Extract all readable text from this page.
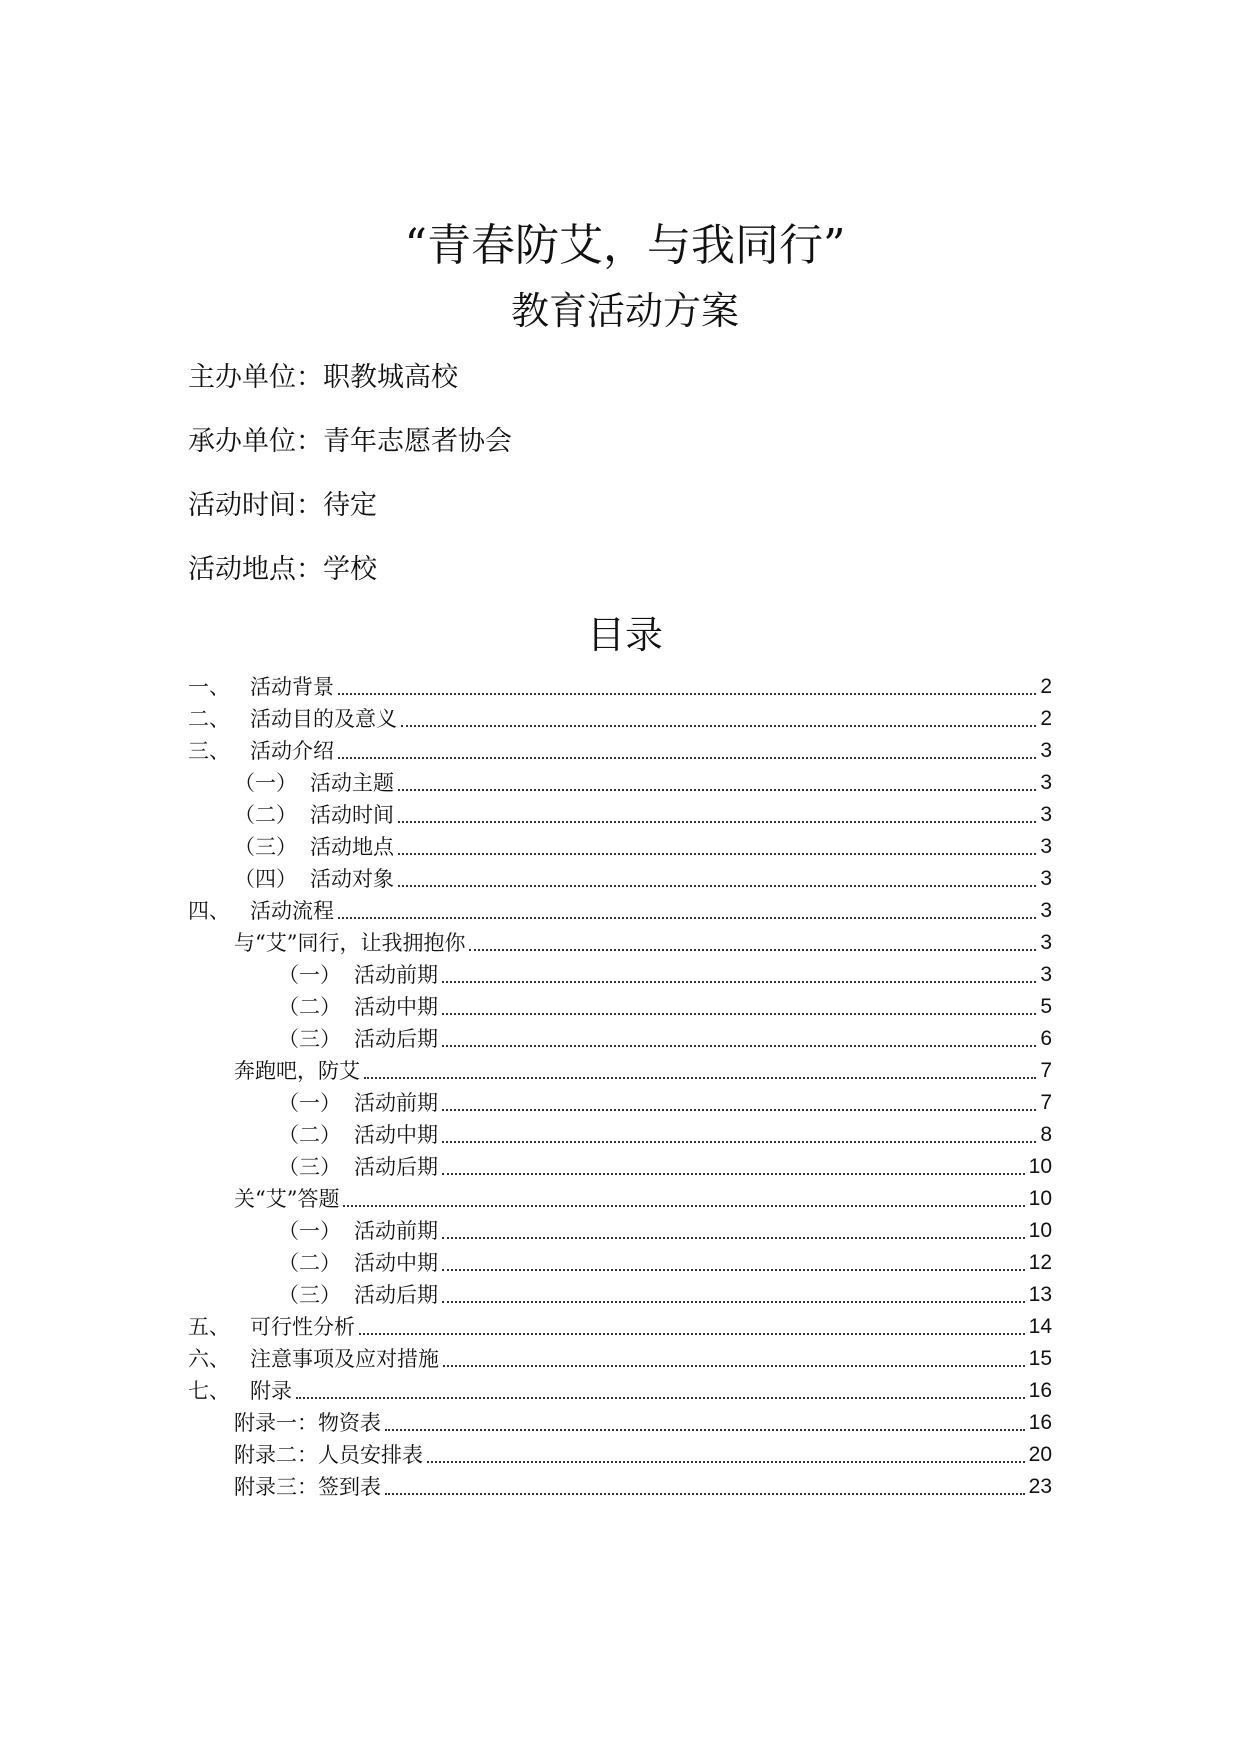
“青春防艾，与我同行”
教育活动方案
主办单位：职教城高校
承办单位：青年志愿者协会
活动时间：待定
活动地点：学校
目录
一、 活动背景	2
二、 活动目的及意义	2
三、 活动介绍	3
（一） 活动主题	3
（二） 活动时间	3
（三） 活动地点	3
（四） 活动对象	3
四、 活动流程	3
与“艾”同行，让我拥抱你	3
（一） 活动前期	3
（二） 活动中期	5
（三） 活动后期	6
奔跑吧，防艾	7
（一） 活动前期	7
（二） 活动中期	8
（三） 活动后期	10
关“艾”答题	10
（一） 活动前期	10
（二） 活动中期	12
（三） 活动后期	13
五、 可行性分析	14
六、 注意事项及应对措施	15
七、 附录	16
附录一：物资表	16
附录二：人员安排表	20
附录三：签到表	23
